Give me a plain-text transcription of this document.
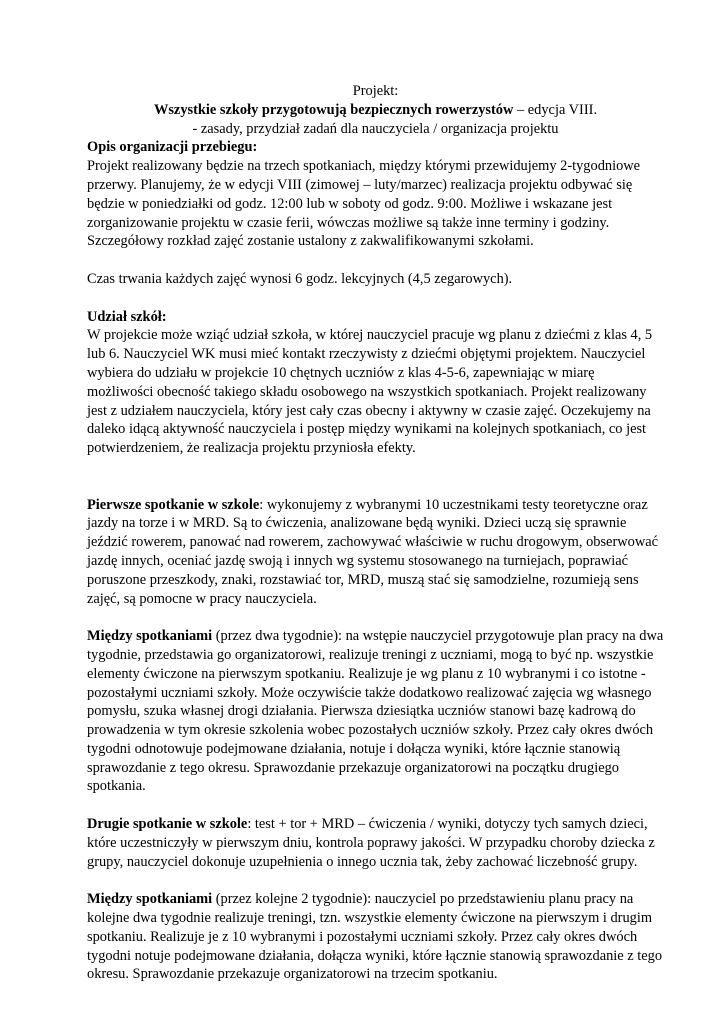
Projekt:

Wszystkie szkoły przygotowują bezpiecznych rowerzystów – edycja VIII.

- zasady, przydział zadań dla nauczyciela / organizacja projektu

Opis organizacji przebiegu:

Projekt realizowany będzie na trzech spotkaniach, między którymi przewidujemy 2-tygodniowe przerwy. Planujemy, że w edycji VIII (zimowej – luty/marzec) realizacja projektu odbywać się będzie w poniedziałki od godz. 12:00 lub w soboty od godz. 9:00. Możliwe i wskazane jest zorganizowanie projektu w czasie ferii, wówczas możliwe są także inne terminy i godziny. Szczegółowy rozkład zajęć zostanie ustalony z zakwalifikowanymi szkołami.

Czas trwania każdych zajęć wynosi 6 godz. lekcyjnych (4,5 zegarowych).

Udział szkół:

W projekcie może wziąć udział szkoła, w której nauczyciel pracuje wg planu z dziećmi z klas 4, 5 lub 6. Nauczyciel WK musi mieć kontakt rzeczywisty z dziećmi objętymi projektem. Nauczyciel wybiera do udziału w projekcie 10 chętnych uczniów z klas 4-5-6, zapewniając w miarę możliwości obecność takiego składu osobowego na wszystkich spotkaniach. Projekt realizowany jest z udziałem nauczyciela, który jest cały czas obecny i aktywny w czasie zajęć. Oczekujemy na daleko idącą aktywność nauczyciela i postęp między wynikami na kolejnych spotkaniach, co jest potwierdzeniem, że realizacja projektu przyniosła efekty.

Pierwsze spotkanie w szkole: wykonujemy z wybranymi 10 uczestnikami testy teoretyczne oraz jazdy na torze i w MRD. Są to ćwiczenia, analizowane będą wyniki. Dzieci uczą się sprawnie jeździć rowerem, panować nad rowerem, zachowywać właściwie w ruchu drogowym, obserwować jazdę innych, oceniać jazdę swoją i innych wg systemu stosowanego na turniejach, poprawiać poruszone przeszkody, znaki, rozstawiać tor, MRD, muszą stać się samodzielne, rozumieją sens zajęć, są pomocne w pracy nauczyciela.

Między spotkaniami (przez dwa tygodnie): na wstępie nauczyciel przygotowuje plan pracy na dwa tygodnie, przedstawia go organizatorowi, realizuje treningi z uczniami, mogą to być np. wszystkie elementy ćwiczone na pierwszym spotkaniu. Realizuje je wg planu z 10 wybranymi i co istotne - pozostałymi uczniami szkoły. Może oczywiście także dodatkowo realizować zajęcia wg własnego pomysłu, szuka własnej drogi działania. Pierwsza dziesiątka uczniów stanowi bazę kadrową do prowadzenia w tym okresie szkolenia wobec pozostałych uczniów szkoły. Przez cały okres dwóch tygodni odnotowuje podejmowane działania, notuje i dołącza wyniki, które łącznie stanowią sprawozdanie z tego okresu. Sprawozdanie przekazuje organizatorowi na początku drugiego spotkania.

Drugie spotkanie w szkole: test + tor + MRD – ćwiczenia / wyniki, dotyczy tych samych dzieci, które uczestniczyły w pierwszym dniu, kontrola poprawy jakości. W przypadku choroby dziecka z grupy, nauczyciel dokonuje uzupełnienia o innego ucznia tak, żeby zachować liczebność grupy.

Między spotkaniami (przez kolejne 2 tygodnie): nauczyciel po przedstawieniu planu pracy na kolejne dwa tygodnie realizuje treningi, tzn. wszystkie elementy ćwiczone na pierwszym i drugim spotkaniu. Realizuje je z 10 wybranymi i pozostałymi uczniami szkoły. Przez cały okres dwóch tygodni notuje podejmowane działania, dołącza wyniki, które łącznie stanowią sprawozdanie z tego okresu. Sprawozdanie przekazuje organizatorowi na trzecim spotkaniu.
